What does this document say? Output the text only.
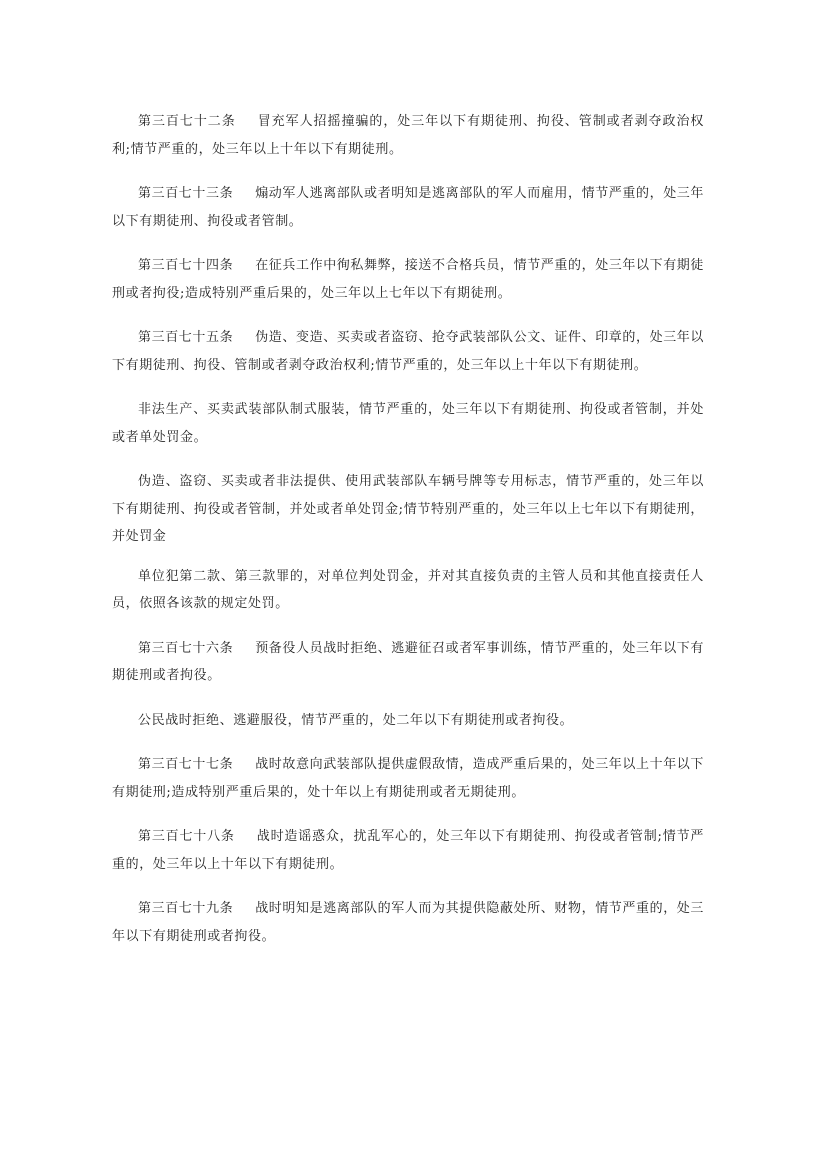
第三百七十二条 冒充军人招摇撞骗的，处三年以下有期徒刑、拘役、管制或者剥夺政治权利;情节严重的，处三年以上十年以下有期徒刑。

第三百七十三条 煽动军人逃离部队或者明知是逃离部队的军人而雇用，情节严重的，处三年以下有期徒刑、拘役或者管制。

第三百七十四条 在征兵工作中徇私舞弊，接送不合格兵员，情节严重的，处三年以下有期徒刑或者拘役;造成特别严重后果的，处三年以上七年以下有期徒刑。

第三百七十五条 伪造、变造、买卖或者盗窃、抢夺武装部队公文、证件、印章的，处三年以下有期徒刑、拘役、管制或者剥夺政治权利;情节严重的，处三年以上十年以下有期徒刑。

非法生产、买卖武装部队制式服装，情节严重的，处三年以下有期徒刑、拘役或者管制，并处或者单处罚金。

伪造、盗窃、买卖或者非法提供、使用武装部队车辆号牌等专用标志，情节严重的，处三年以下有期徒刑、拘役或者管制，并处或者单处罚金;情节特别严重的，处三年以上七年以下有期徒刑，并处罚金

单位犯第二款、第三款罪的，对单位判处罚金，并对其直接负责的主管人员和其他直接责任人员，依照各该款的规定处罚。

第三百七十六条 预备役人员战时拒绝、逃避征召或者军事训练，情节严重的，处三年以下有期徒刑或者拘役。

公民战时拒绝、逃避服役，情节严重的，处二年以下有期徒刑或者拘役。

第三百七十七条 战时故意向武装部队提供虚假敌情，造成严重后果的，处三年以上十年以下有期徒刑;造成特别严重后果的，处十年以上有期徒刑或者无期徒刑。

第三百七十八条 战时造谣惑众，扰乱军心的，处三年以下有期徒刑、拘役或者管制;情节严重的，处三年以上十年以下有期徒刑。

第三百七十九条 战时明知是逃离部队的军人而为其提供隐蔽处所、财物，情节严重的，处三年以下有期徒刑或者拘役。
